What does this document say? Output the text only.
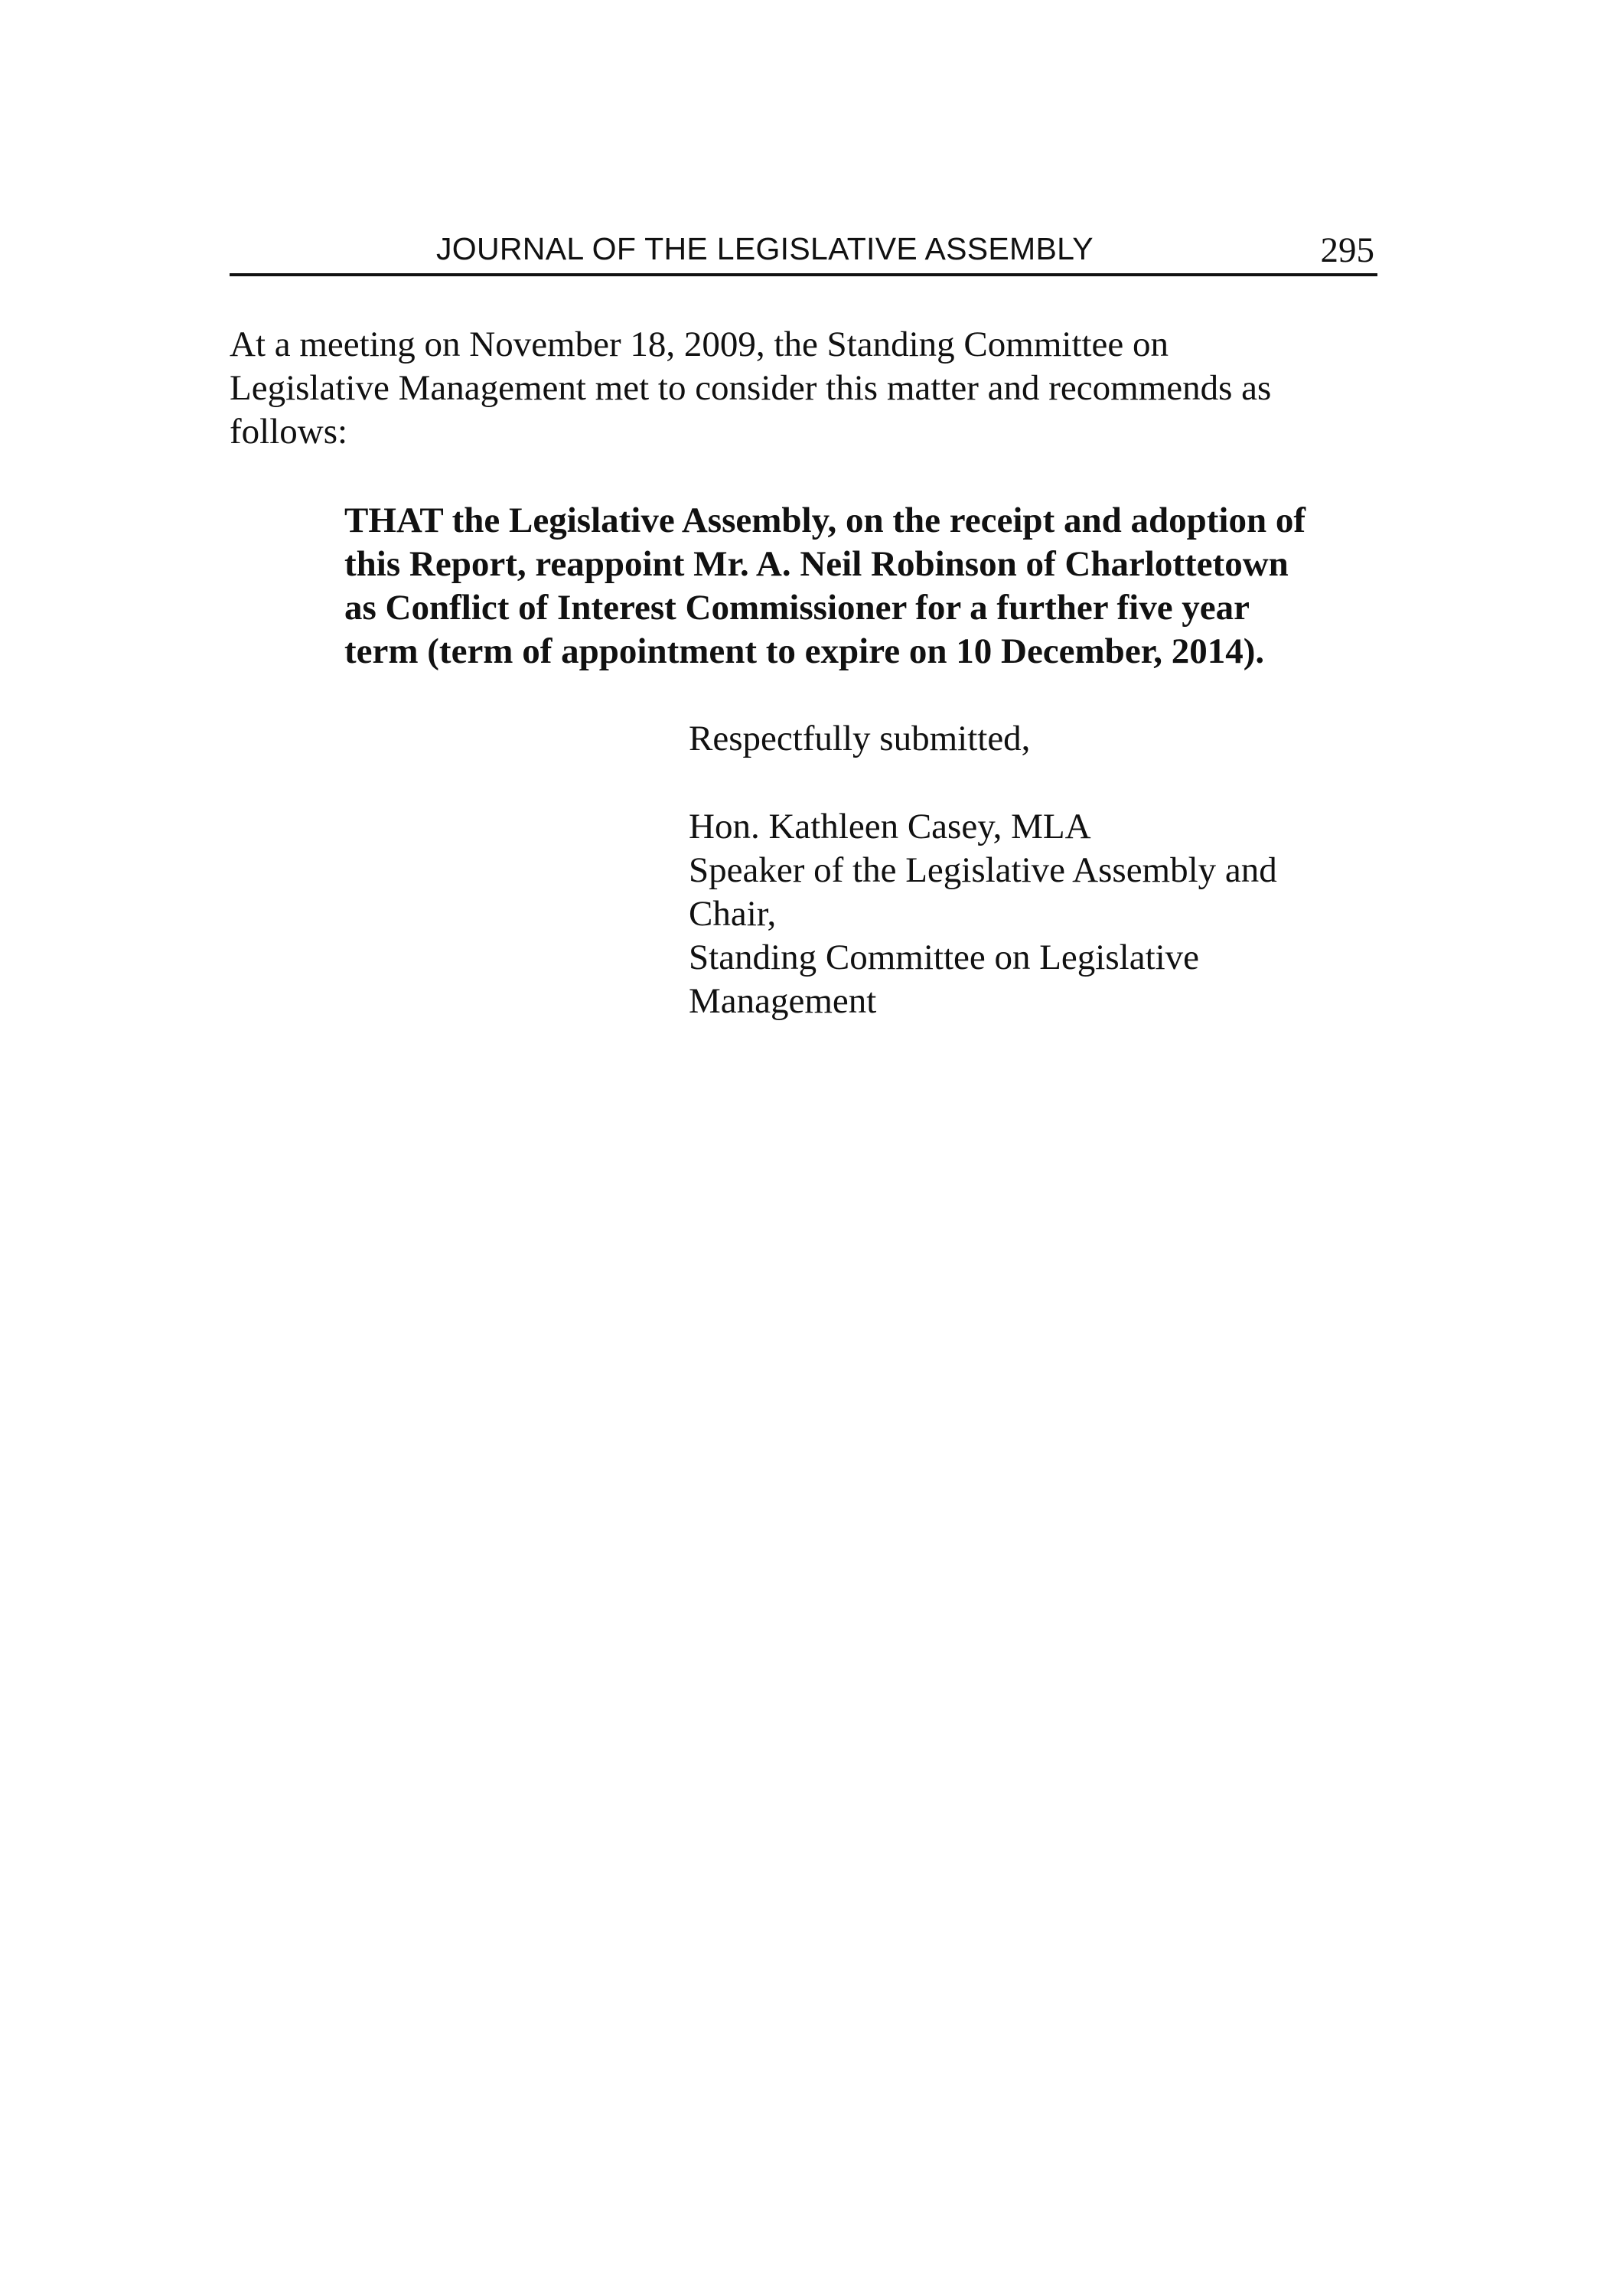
JOURNAL OF THE LEGISLATIVE ASSEMBLY	295

At a meeting on November 18, 2009, the Standing Committee on
Legislative Management met to consider this matter and recommends as
follows:

THAT the Legislative Assembly, on the receipt and adoption of
this Report, reappoint Mr. A. Neil Robinson of Charlottetown
as Conflict of Interest Commissioner for a further five year
term (term of appointment to expire on 10 December, 2014).

Respectfully submitted,

Hon. Kathleen Casey, MLA
Speaker of the Legislative Assembly and
Chair,
Standing Committee on Legislative
Management
